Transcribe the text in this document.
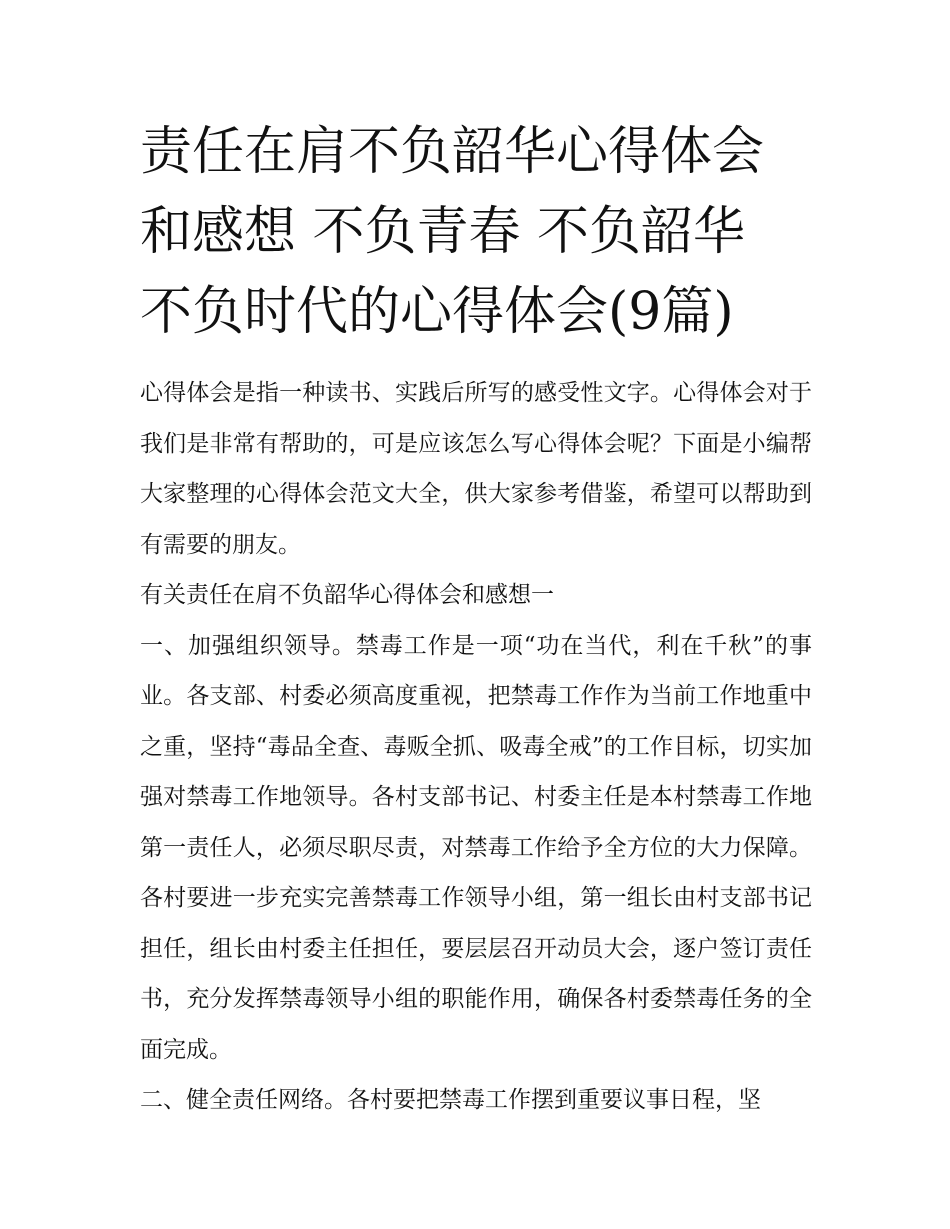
责任在肩不负韶华心得体会和感想 不负青春 不负韶华 不负时代的心得体会(9篇)

心得体会是指一种读书、实践后所写的感受性文字。心得体会对于我们是非常有帮助的，可是应该怎么写心得体会呢？下面是小编帮大家整理的心得体会范文大全，供大家参考借鉴，希望可以帮助到有需要的朋友。

有关责任在肩不负韶华心得体会和感想一

一、加强组织领导。禁毒工作是一项“功在当代，利在千秋”的事业。各支部、村委必须高度重视，把禁毒工作作为当前工作地重中之重，坚持“毒品全查、毒贩全抓、吸毒全戒”的工作目标，切实加强对禁毒工作地领导。各村支部书记、村委主任是本村禁毒工作地第一责任人，必须尽职尽责，对禁毒工作给予全方位的大力保障。各村要进一步充实完善禁毒工作领导小组，第一组长由村支部书记担任，组长由村委主任担任，要层层召开动员大会，逐户签订责任书，充分发挥禁毒领导小组的职能作用，确保各村委禁毒任务的全面完成。

二、健全责任网络。各村要把禁毒工作摆到重要议事日程，坚
